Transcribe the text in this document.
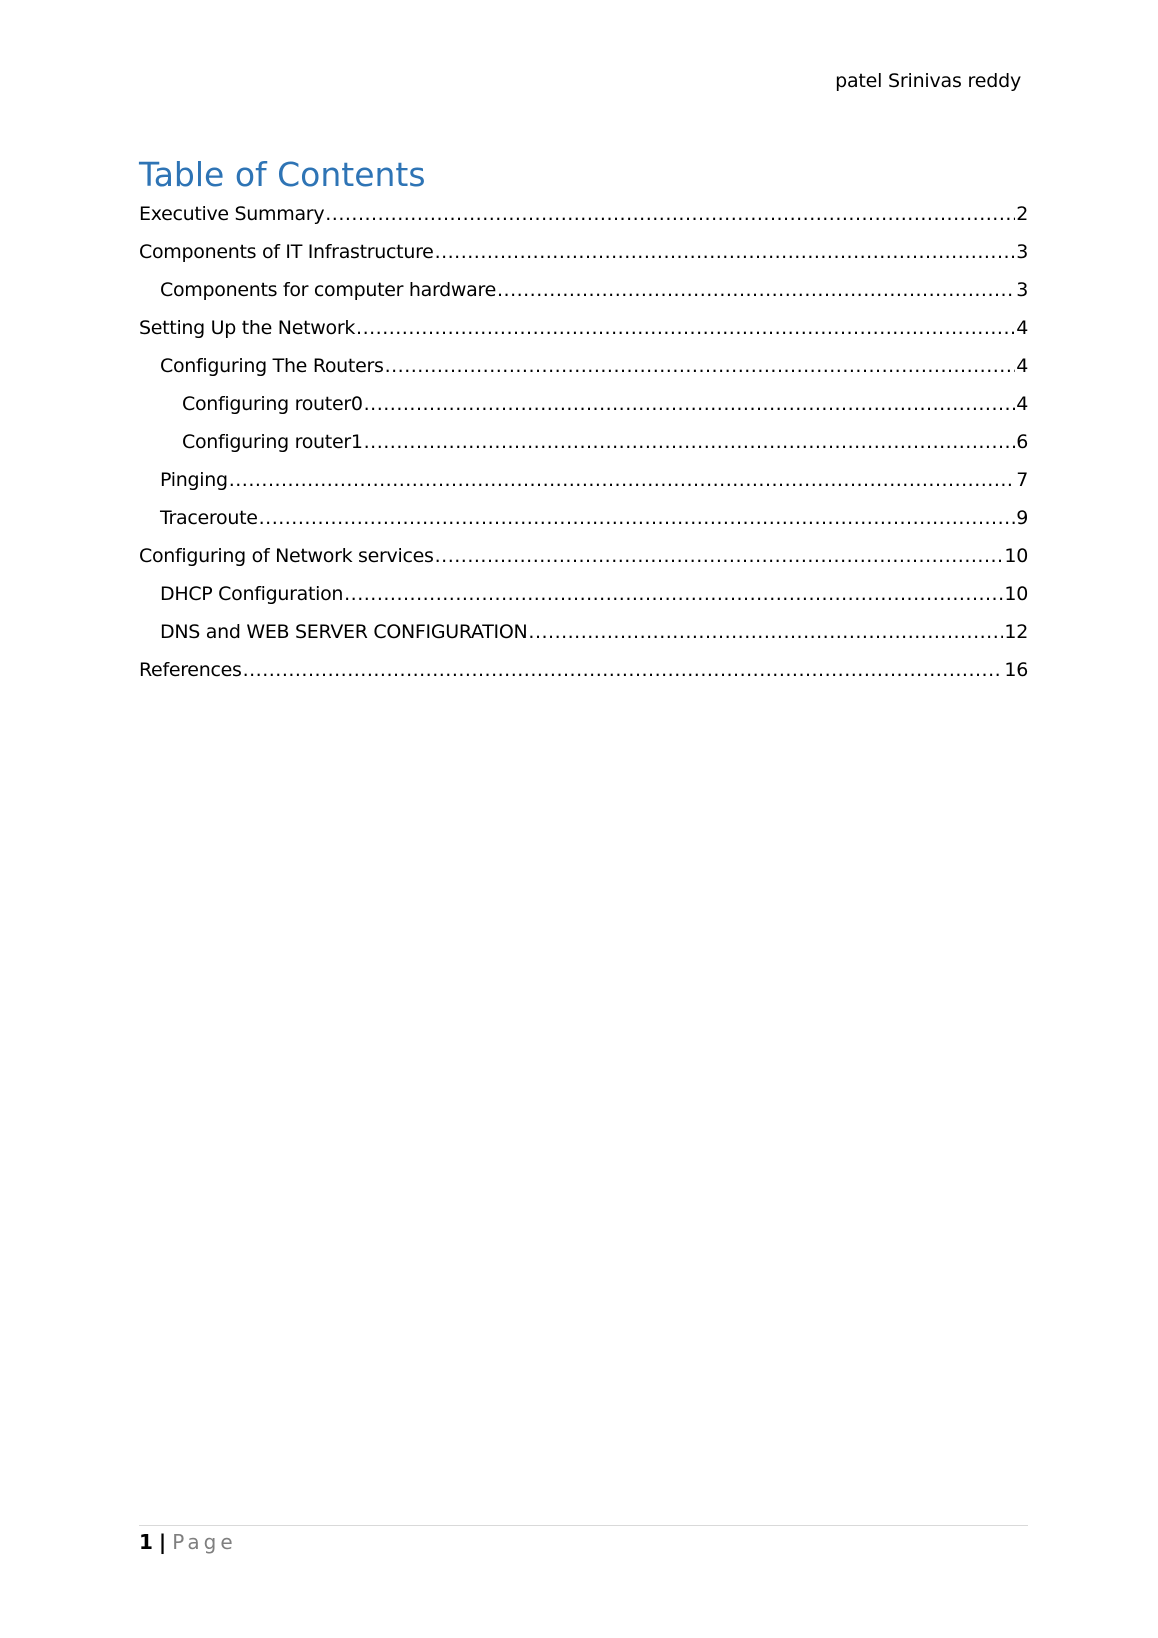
patel Srinivas reddy
Table of Contents
Executive Summary .....	2
Components of IT Infrastructure .....	3
Components for computer hardware .....	3
Setting Up the Network .....	4
Configuring The Routers .....	4
Configuring router0 .....	4
Configuring router1 .....	6
Pinging .....	7
Traceroute .....	9
Configuring of Network services .....	10
DHCP Configuration .....	10
DNS and WEB SERVER CONFIGURATION .....	12
References .....	16
1 | Page
